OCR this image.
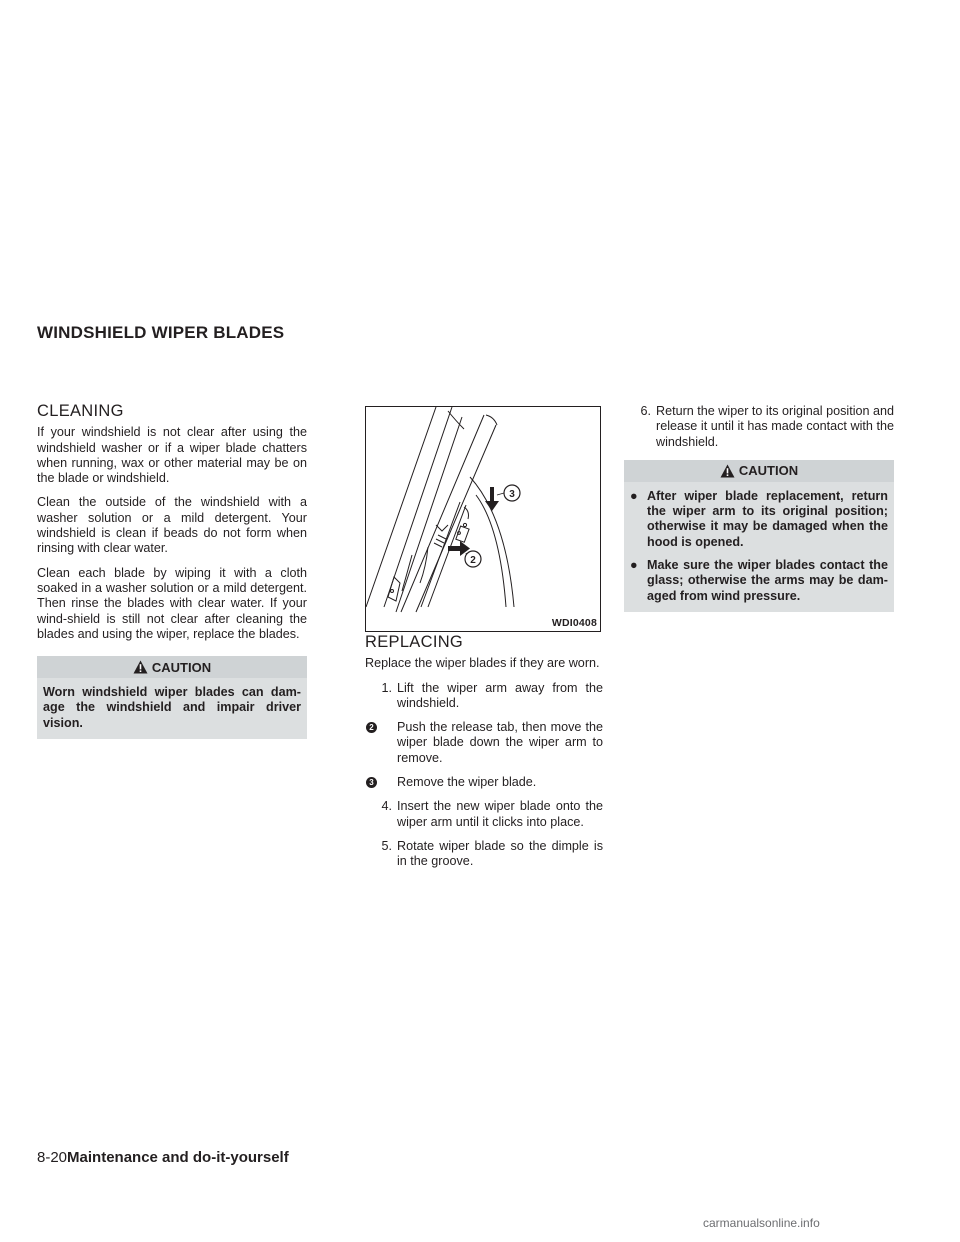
WINDSHIELD WIPER BLADES
CLEANING

If your windshield is not clear after using the windshield washer or if a wiper blade chatters when running, wax or other material may be on the blade or windshield.

Clean the outside of the windshield with a washer solution or a mild detergent. Your windshield is clean if beads do not form when rinsing with clear water.

Clean each blade by wiping it with a cloth soaked in a washer solution or a mild detergent. Then rinse the blades with clear water. If your wind-shield is still not clear after cleaning the blades and using the wiper, replace the blades.

CAUTION

Worn windshield wiper blades can dam-age the windshield and impair driver vision.

3
2
WDI0408
REPLACING

Replace the wiper blades if they are worn.

1. Lift the wiper arm away from the windshield.
2	Push the release tab, then move the wiper blade down the wiper arm to remove.
3	Remove the wiper blade.
4. Insert the new wiper blade onto the wiper arm until it clicks into place.
5. Rotate wiper blade so the dimple is in the groove.
6. Return the wiper to its original position and release it until it has made contact with the windshield.
CAUTION
● After wiper blade replacement, return the wiper arm to its original position; otherwise it may be damaged when the hood is opened.
● Make sure the wiper blades contact the glass; otherwise the arms may be dam-aged from wind pressure.
8-20Maintenance and do-it-yourself
carmanualsonline.info
